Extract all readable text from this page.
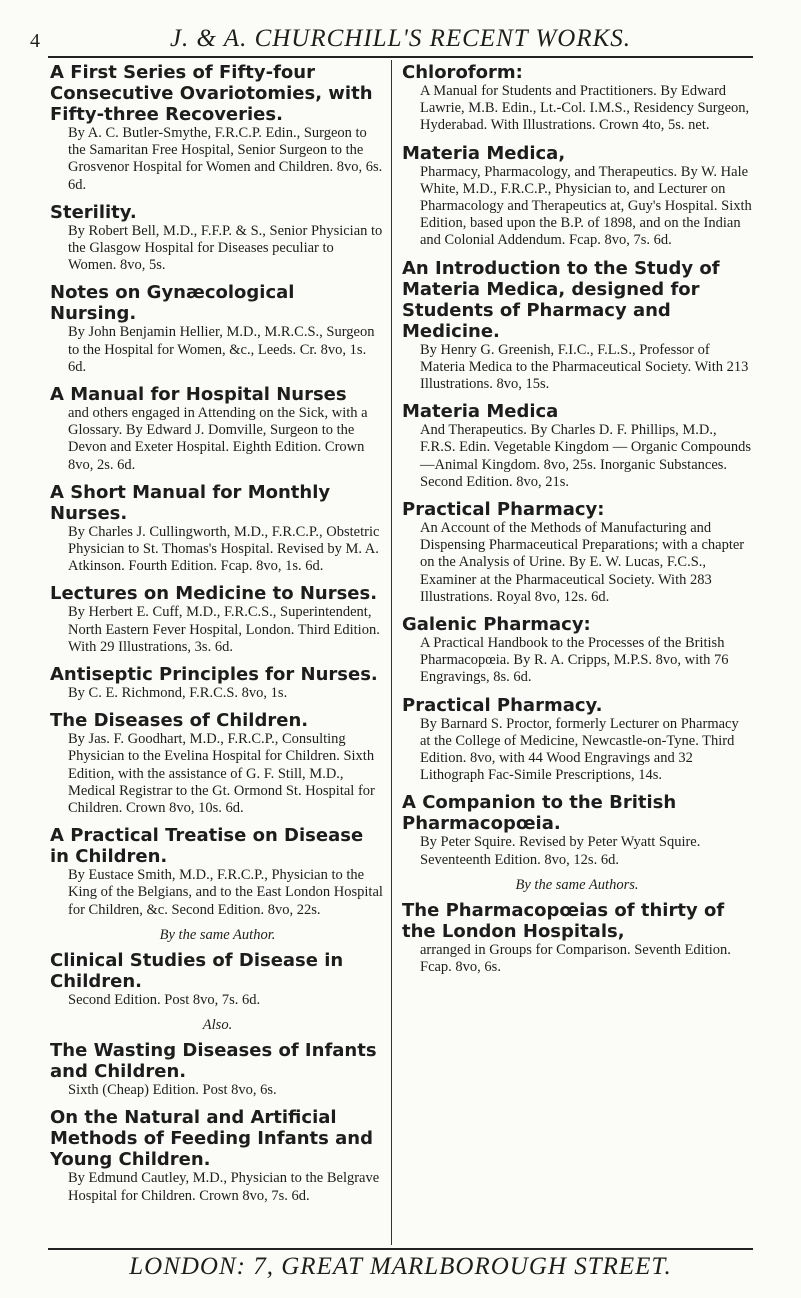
4	J. & A. CHURCHILL'S RECENT WORKS.

A First Series of Fifty-four Consecutive Ovariotomies, with Fifty-three Recoveries.

By A. C. Butler-Smythe, F.R.C.P. Edin., Surgeon to the Samaritan Free Hospital, Senior Surgeon to the Grosvenor Hospital for Women and Children. 8vo, 6s. 6d.

Sterility.

By Robert Bell, M.D., F.F.P. & S., Senior Physician to the Glasgow Hospital for Diseases peculiar to Women. 8vo, 5s.

Notes on Gynæcological Nursing.

By John Benjamin Hellier, M.D., M.R.C.S., Surgeon to the Hospital for Women, &c., Leeds. Cr. 8vo, 1s. 6d.

A Manual for Hospital Nurses

and others engaged in Attending on the Sick, with a Glossary. By Edward J. Domville, Surgeon to the Devon and Exeter Hospital. Eighth Edition. Crown 8vo, 2s. 6d.

A Short Manual for Monthly Nurses.

By Charles J. Cullingworth, M.D., F.R.C.P., Obstetric Physician to St. Thomas's Hospital. Revised by M. A. Atkinson. Fourth Edition. Fcap. 8vo, 1s. 6d.

Lectures on Medicine to Nurses.

By Herbert E. Cuff, M.D., F.R.C.S., Superintendent, North Eastern Fever Hospital, London. Third Edition. With 29 Illustrations, 3s. 6d.

Antiseptic Principles for Nurses.

By C. E. Richmond, F.R.C.S. 8vo, 1s.

The Diseases of Children.

By Jas. F. Goodhart, M.D., F.R.C.P., Consulting Physician to the Evelina Hospital for Children. Sixth Edition, with the assistance of G. F. Still, M.D., Medical Registrar to the Gt. Ormond St. Hospital for Children. Crown 8vo, 10s. 6d.

A Practical Treatise on Disease in Children.

By Eustace Smith, M.D., F.R.C.P., Physician to the King of the Belgians, and to the East London Hospital for Children, &c. Second Edition. 8vo, 22s.

By the same Author.

Clinical Studies of Disease in Children.

Second Edition. Post 8vo, 7s. 6d.

Also.

The Wasting Diseases of Infants and Children.

Sixth (Cheap) Edition. Post 8vo, 6s.

On the Natural and Artificial Methods of Feeding Infants and Young Children.

By Edmund Cautley, M.D., Physician to the Belgrave Hospital for Children. Crown 8vo, 7s. 6d.

Chloroform:

A Manual for Students and Practitioners. By Edward Lawrie, M.B. Edin., Lt.-Col. I.M.S., Residency Surgeon, Hyderabad. With Illustrations. Crown 4to, 5s. net.

Materia Medica,

Pharmacy, Pharmacology, and Therapeutics. By W. Hale White, M.D., F.R.C.P., Physician to, and Lecturer on Pharmacology and Therapeutics at, Guy's Hospital. Sixth Edition, based upon the B.P. of 1898, and on the Indian and Colonial Addendum. Fcap. 8vo, 7s. 6d.

An Introduction to the Study of Materia Medica, designed for Students of Pharmacy and Medicine.

By Henry G. Greenish, F.I.C., F.L.S., Professor of Materia Medica to the Pharmaceutical Society. With 213 Illustrations. 8vo, 15s.

Materia Medica

And Therapeutics. By Charles D. F. Phillips, M.D., F.R.S. Edin. Vegetable Kingdom — Organic Compounds—Animal Kingdom. 8vo, 25s. Inorganic Substances. Second Edition. 8vo, 21s.

Practical Pharmacy:

An Account of the Methods of Manufacturing and Dispensing Pharmaceutical Preparations; with a chapter on the Analysis of Urine. By E. W. Lucas, F.C.S., Examiner at the Pharmaceutical Society. With 283 Illustrations. Royal 8vo, 12s. 6d.

Galenic Pharmacy:

A Practical Handbook to the Processes of the British Pharmacopœia. By R. A. Cripps, M.P.S. 8vo, with 76 Engravings, 8s. 6d.

Practical Pharmacy.

By Barnard S. Proctor, formerly Lecturer on Pharmacy at the College of Medicine, Newcastle-on-Tyne. Third Edition. 8vo, with 44 Wood Engravings and 32 Lithograph Fac-Simile Prescriptions, 14s.

A Companion to the British Pharmacopœia.

By Peter Squire. Revised by Peter Wyatt Squire. Seventeenth Edition. 8vo, 12s. 6d.

By the same Authors.

The Pharmacopœias of thirty of the London Hospitals,

arranged in Groups for Comparison. Seventh Edition. Fcap. 8vo, 6s.

LONDON: 7, GREAT MARLBOROUGH STREET.
